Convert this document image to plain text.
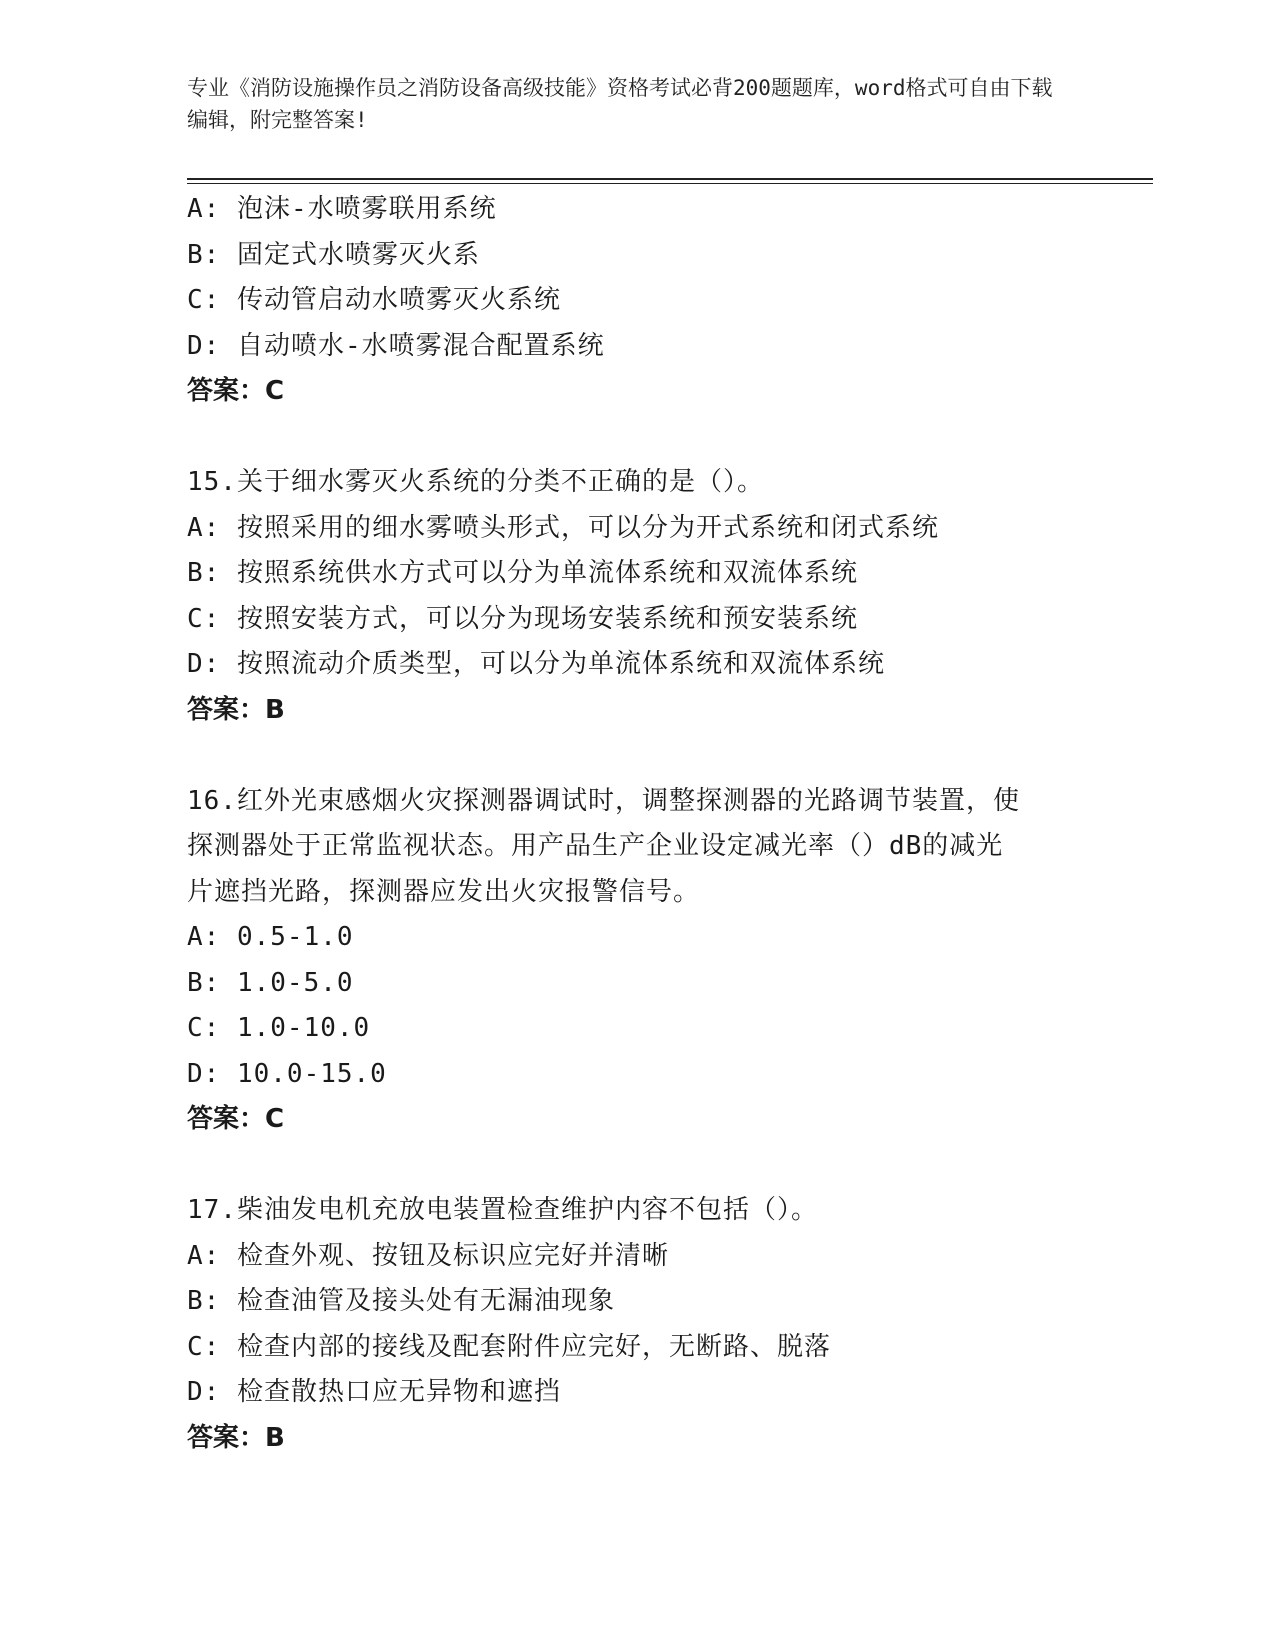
专业《消防设施操作员之消防设备高级技能》资格考试必背200题题库，word格式可自由下载编辑，附完整答案!
A: 泡沫-水喷雾联用系统
B: 固定式水喷雾灭火系
C: 传动管启动水喷雾灭火系统
D: 自动喷水-水喷雾混合配置系统
答案：C
15.关于细水雾灭火系统的分类不正确的是（）。
A: 按照采用的细水雾喷头形式，可以分为开式系统和闭式系统
B: 按照系统供水方式可以分为单流体系统和双流体系统
C: 按照安装方式，可以分为现场安装系统和预安装系统
D: 按照流动介质类型，可以分为单流体系统和双流体系统
答案：B
16.红外光束感烟火灾探测器调试时，调整探测器的光路调节装置，使
探测器处于正常监视状态。用产品生产企业设定减光率（）dB的减光
片遮挡光路，探测器应发出火灾报警信号。
A: 0.5-1.0
B: 1.0-5.0
C: 1.0-10.0
D: 10.0-15.0
答案：C
17.柴油发电机充放电装置检查维护内容不包括（）。
A: 检查外观、按钮及标识应完好并清晰
B: 检查油管及接头处有无漏油现象
C: 检查内部的接线及配套附件应完好，无断路、脱落
D: 检查散热口应无异物和遮挡
答案：B
